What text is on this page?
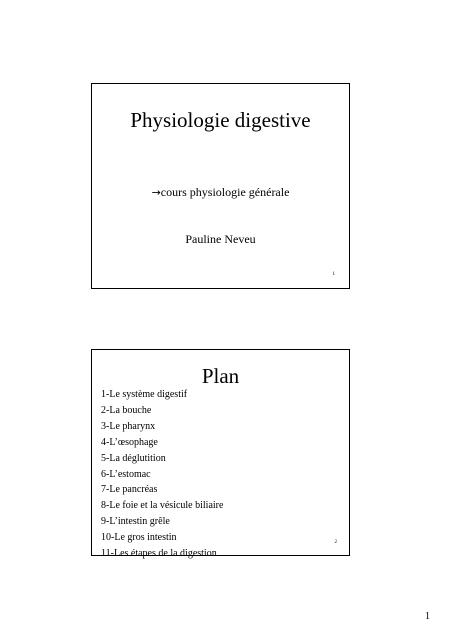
Physiologie digestive
→cours physiologie générale
Pauline Neveu
1
Plan
1-Le système digestif
2-La bouche
3-Le pharynx
4-L’œsophage
5-La déglutition
6-L’estomac
7-Le pancréas
8-Le foie et la vésicule biliaire
9-L’intestin grêle
10-Le gros intestin
11-Les étapes de la digestion
2
1
